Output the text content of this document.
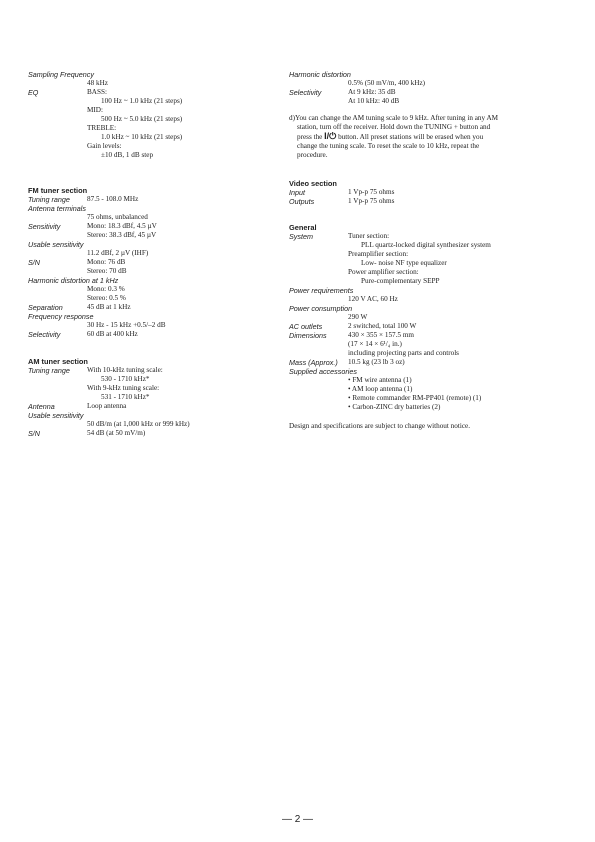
Sampling Frequency
48 kHz
EQ	BASS:
100 Hz ~ 1.0 kHz (21 steps)
MID:
500 Hz ~ 5.0 kHz (21 steps)
TREBLE:
1.0 kHz ~ 10 kHz (21 steps)
Gain levels:
±10 dB, 1 dB step
FM tuner section
Tuning range	87.5 - 108.0 MHz
Antenna terminals
75 ohms, unbalanced
Sensitivity	Mono: 18.3 dBf, 4.5 µV
Stereo: 38.3 dBf, 45 µV
Usable sensitivity
11.2 dBf, 2 µV (IHF)
S/N	Mono: 76 dB
Stereo: 70 dB
Harmonic distortion at 1 kHz
Mono: 0.3 %
Stereo: 0.5 %
Separation	45 dB at 1 kHz
Frequency response
30 Hz - 15 kHz +0.5/–2 dB
Selectivity	60 dB at 400 kHz
AM tuner section
Tuning range	With 10-kHz tuning scale:
530 - 1710 kHz*
With 9-kHz tuning scale:
531 - 1710 kHz*
Antenna	Loop antenna
Usable sensitivity
50 dB/m (at 1,000 kHz or 999 kHz)
S/N	54 dB (at 50 mV/m)
Harmonic distortion
0.5% (50 mV/m, 400 kHz)
Selectivity	At 9 kHz: 35 dB
At 10 kHz: 40 dB
d)You can change the AM tuning scale to 9 kHz. After tuning in any AM
station, turn off the receiver. Hold down the TUNING + button and
press the I/⏻ button. All preset stations will be erased when you
change the tuning scale. To reset the scale to 10 kHz, repeat the
procedure.
Video section
Input	1 Vp-p 75 ohms
Outputs	1 Vp-p 75 ohms
General
System	Tuner section:
PLL quartz-locked digital synthesizer system
Preamplifier section:
Low- noise NF type equalizer
Power amplifier section:
Pure-complementary SEPP
Power requirements
120 V AC, 60 Hz
Power consumption
290 W
AC outlets	2 switched, total 100 W
Dimensions	430 × 355 × 157.5 mm
(17 × 14 × 6¹/₄ in.)
including projecting parts and controls
Mass (Approx.)	10.5 kg (23 lb 3 oz)
Supplied accessories
• FM wire antenna (1)
• AM loop antenna (1)
• Remote commander RM-PP401 (remote) (1)
• Carbon-ZINC dry batteries (2)
Design and specifications are subject to change without notice.
— 2 —
